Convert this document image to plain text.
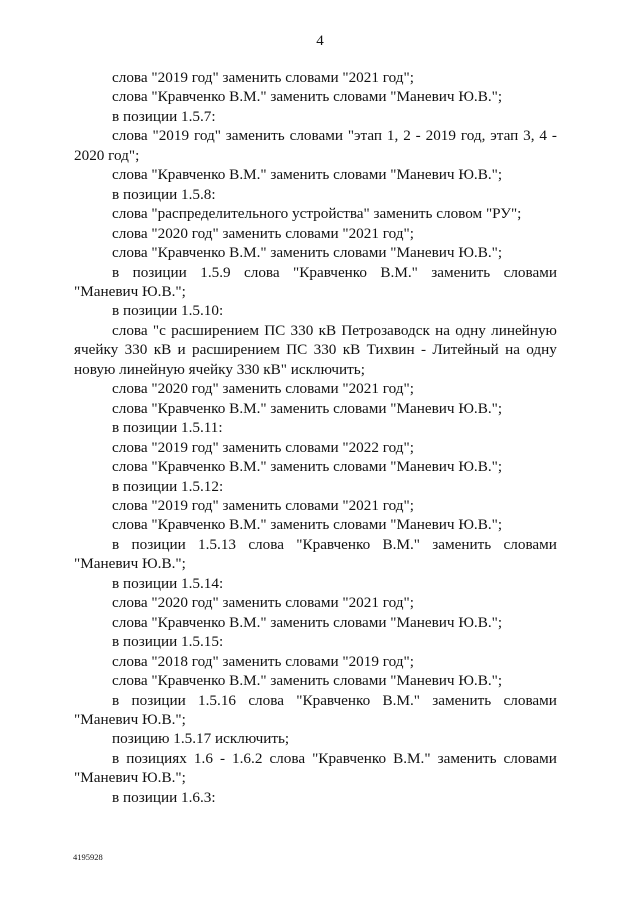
4
слова "2019 год" заменить словами "2021 год";
слова "Кравченко В.М." заменить словами "Маневич Ю.В.";
в позиции 1.5.7:
слова "2019 год" заменить словами "этап 1, 2 - 2019 год, этап 3, 4 -
2020 год";
слова "Кравченко В.М." заменить словами "Маневич Ю.В.";
в позиции 1.5.8:
слова "распределительного устройства" заменить словом "РУ";
слова "2020 год" заменить словами "2021 год";
слова "Кравченко В.М." заменить словами "Маневич Ю.В.";
в позиции 1.5.9 слова "Кравченко В.М." заменить словами
"Маневич Ю.В.";
в позиции 1.5.10:
слова "с расширением ПС 330 кВ Петрозаводск на одну линейную
ячейку 330 кВ и расширением ПС 330 кВ Тихвин - Литейный на одну
новую линейную ячейку 330 кВ" исключить;
слова "2020 год" заменить словами "2021 год";
слова "Кравченко В.М." заменить словами "Маневич Ю.В.";
в позиции 1.5.11:
слова "2019 год" заменить словами "2022 год";
слова "Кравченко В.М." заменить словами "Маневич Ю.В.";
в позиции 1.5.12:
слова "2019 год" заменить словами "2021 год";
слова "Кравченко В.М." заменить словами "Маневич Ю.В.";
в позиции 1.5.13 слова "Кравченко В.М." заменить словами
"Маневич Ю.В.";
в позиции 1.5.14:
слова "2020 год" заменить словами "2021 год";
слова "Кравченко В.М." заменить словами "Маневич Ю.В.";
в позиции 1.5.15:
слова "2018 год" заменить словами "2019 год";
слова "Кравченко В.М." заменить словами "Маневич Ю.В.";
в позиции 1.5.16 слова "Кравченко В.М." заменить словами
"Маневич Ю.В.";
позицию 1.5.17 исключить;
в позициях 1.6 - 1.6.2 слова "Кравченко В.М." заменить словами
"Маневич Ю.В.";
в позиции 1.6.3:
4195928
